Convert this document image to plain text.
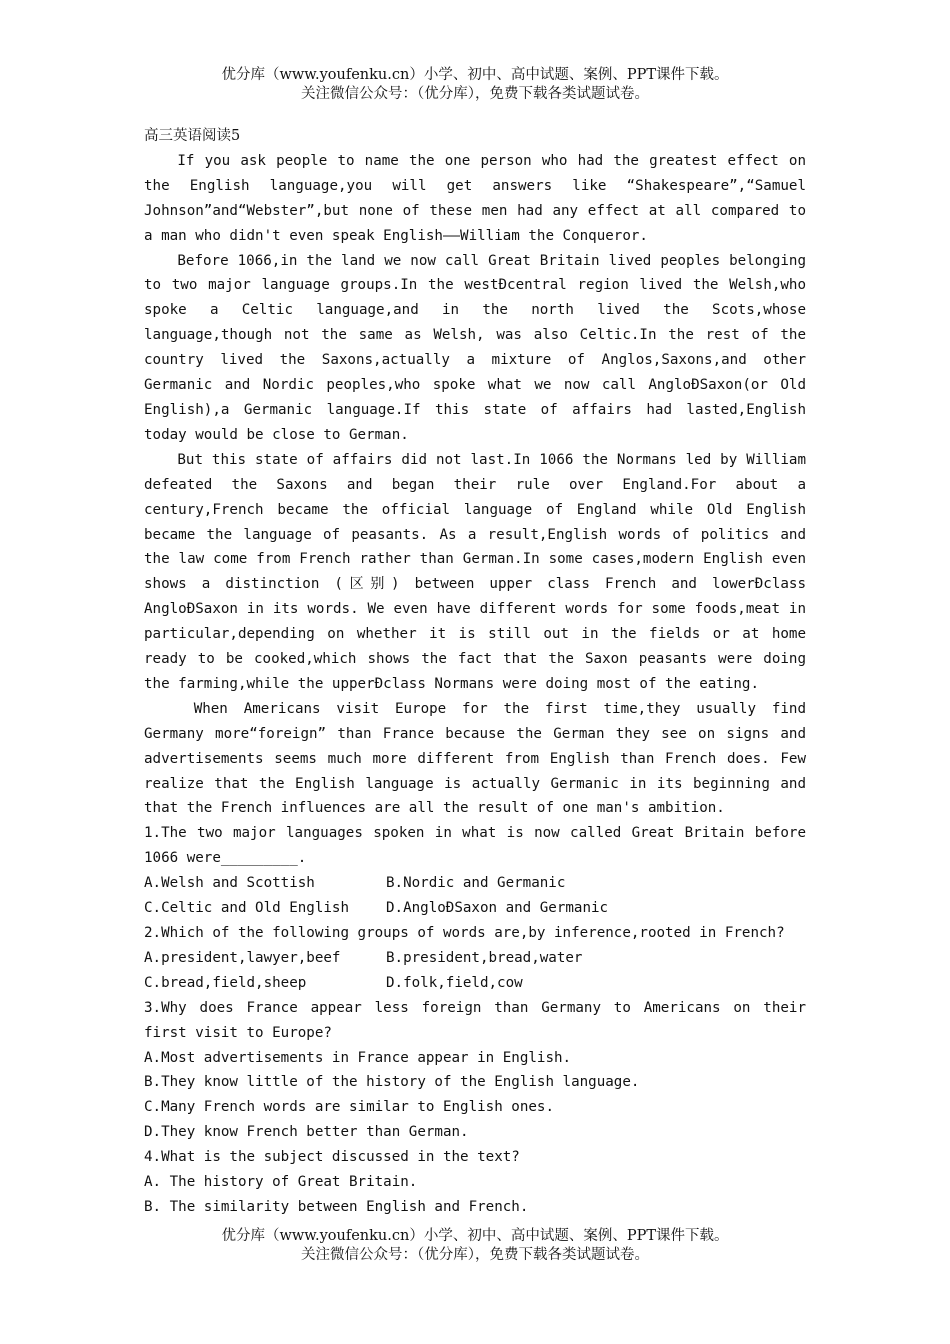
优分库（www.youfenku.cn）小学、初中、高中试题、案例、PPT课件下载。
关注微信公众号：（优分库），免费下载各类试题试卷。
高三英语阅读5

If you ask people to name the one person who had the greatest effect on the English language,you will get answers like “Shakespeare”,“Samuel Johnson”and“Webster”,but none of these men had any effect at all compared to a man who didn't even speak English——William the Conqueror.

Before 1066,in the land we now call Great Britain lived peoples belonging to two major language groups.In the westÐcentral region lived the Welsh,who spoke a Celtic language,and in the north lived the Scots,whose language,though not the same as Welsh, was also Celtic.In the rest of the country lived the Saxons,actually a mixture of Anglos,Saxons,and other Germanic and Nordic peoples,who spoke what we now call AngloÐSaxon(or Old English),a Germanic language.If this state of affairs had lasted,English today would be close to German.

But this state of affairs did not last.In 1066 the Normans led by William defeated the Saxons and began their rule over England.For about a century,French became the official language of England while Old English became the language of peasants. As a result,English words of politics and the law come from French rather than German.In some cases,modern English even shows a distinction (区别) between upper class French and lowerÐclass AngloÐSaxon in its words. We even have different words for some foods,meat in particular,depending on whether it is still out in the fields or at home ready to be cooked,which shows the fact that the Saxon peasants were doing the farming,while the upperÐclass Normans were doing most of the eating.

When Americans visit Europe for the first time,they usually find Germany more“foreign” than France because the German they see on signs and advertisements seems much more different from English than French does. Few realize that the English language is actually Germanic in its beginning and that the French influences are all the result of one man's ambition.

1.The two major languages spoken in what is now called Great Britain before 1066 were_________.

A.Welsh and Scottish	B.Nordic and Germanic
C.Celtic and Old English	D.AngloÐSaxon and Germanic

2.Which of the following groups of words are,by inference,rooted in French?

A.president,lawyer,beef	B.president,bread,water
C.bread,field,sheep	D.folk,field,cow

3.Why does France appear less foreign than Germany to Americans on their first visit to Europe?

A.Most advertisements in France appear in English.
B.They know little of the history of the English language.
C.Many French words are similar to English ones.
D.They know French better than German.

4.What is the subject discussed in the text?

A. The history of Great Britain.
B. The similarity between English and French.
优分库（www.youfenku.cn）小学、初中、高中试题、案例、PPT课件下载。
关注微信公众号：（优分库），免费下载各类试题试卷。
